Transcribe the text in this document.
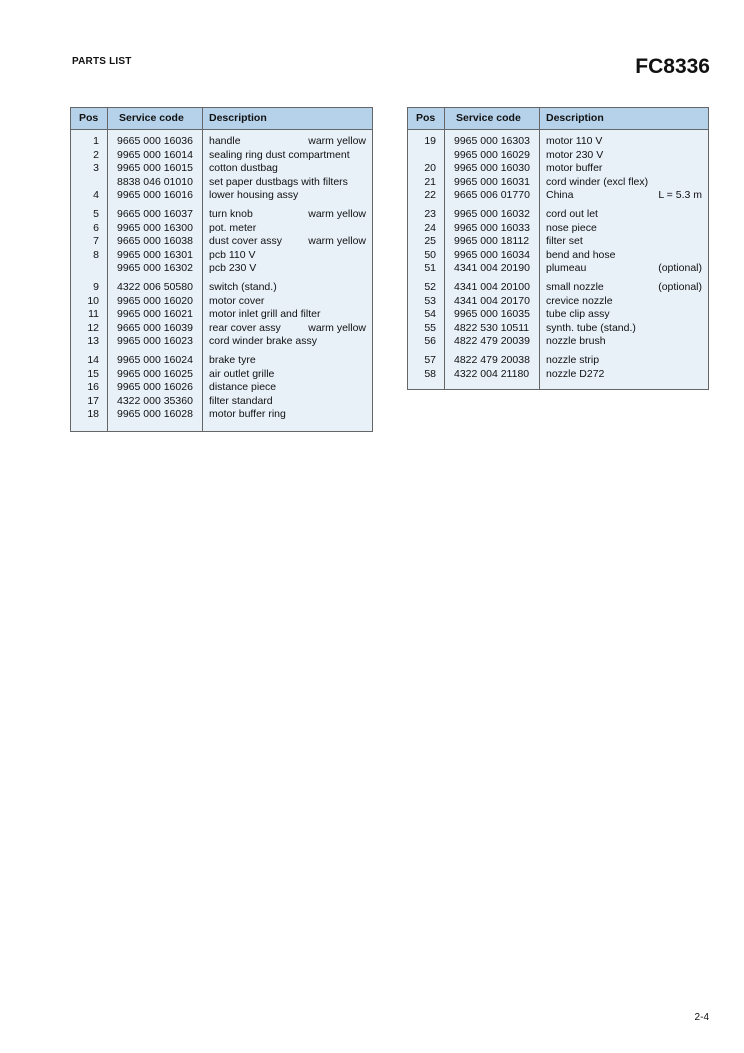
PARTS LIST	FC8336
Pos Service code Description
1 9665 000 16036 handle	warm yellow
2 9965 000 16014 sealing ring dust compartment
3 9965 000 16015 cotton dustbag
8838 046 01010 set paper dustbags with filters
4 9965 000 16016 lower housing assy
5 9665 000 16037 turn knob	warm yellow
6 9965 000 16300 pot. meter
7 9665 000 16038 dust cover assy	warm yellow
8 9965 000 16301 pcb 110 V
9965 000 16302 pcb 230 V
9 4322 006 50580 switch (stand.)
10 9965 000 16020 motor cover
11 9965 000 16021 motor inlet grill and filter
12 9665 000 16039 rear cover assy	warm yellow
13 9965 000 16023 cord winder brake assy
14 9965 000 16024 brake tyre
15 9965 000 16025 air outlet grille
16 9965 000 16026 distance piece
17 4322 000 35360 filter standard
18 9965 000 16028 motor buffer ring
Pos Service code Description
19 9965 000 16303 motor 110 V
9965 000 16029 motor 230 V
20 9965 000 16030 motor buffer
21 9965 000 16031 cord winder (excl flex)
22 9665 006 01770 China	L = 5.3 m
23 9965 000 16032 cord out let
24 9965 000 16033 nose piece
25 9965 000 18112 filter set
50 9965 000 16034 bend and hose
51 4341 004 20190 plumeau	(optional)
52 4341 004 20100 small nozzle	(optional)
53 4341 004 20170 crevice nozzle
54 9965 000 16035 tube clip assy
55 4822 530 10511 synth. tube (stand.)
56 4822 479 20039 nozzle brush
57 4822 479 20038 nozzle strip
58 4322 004 21180 nozzle D272
2-4
